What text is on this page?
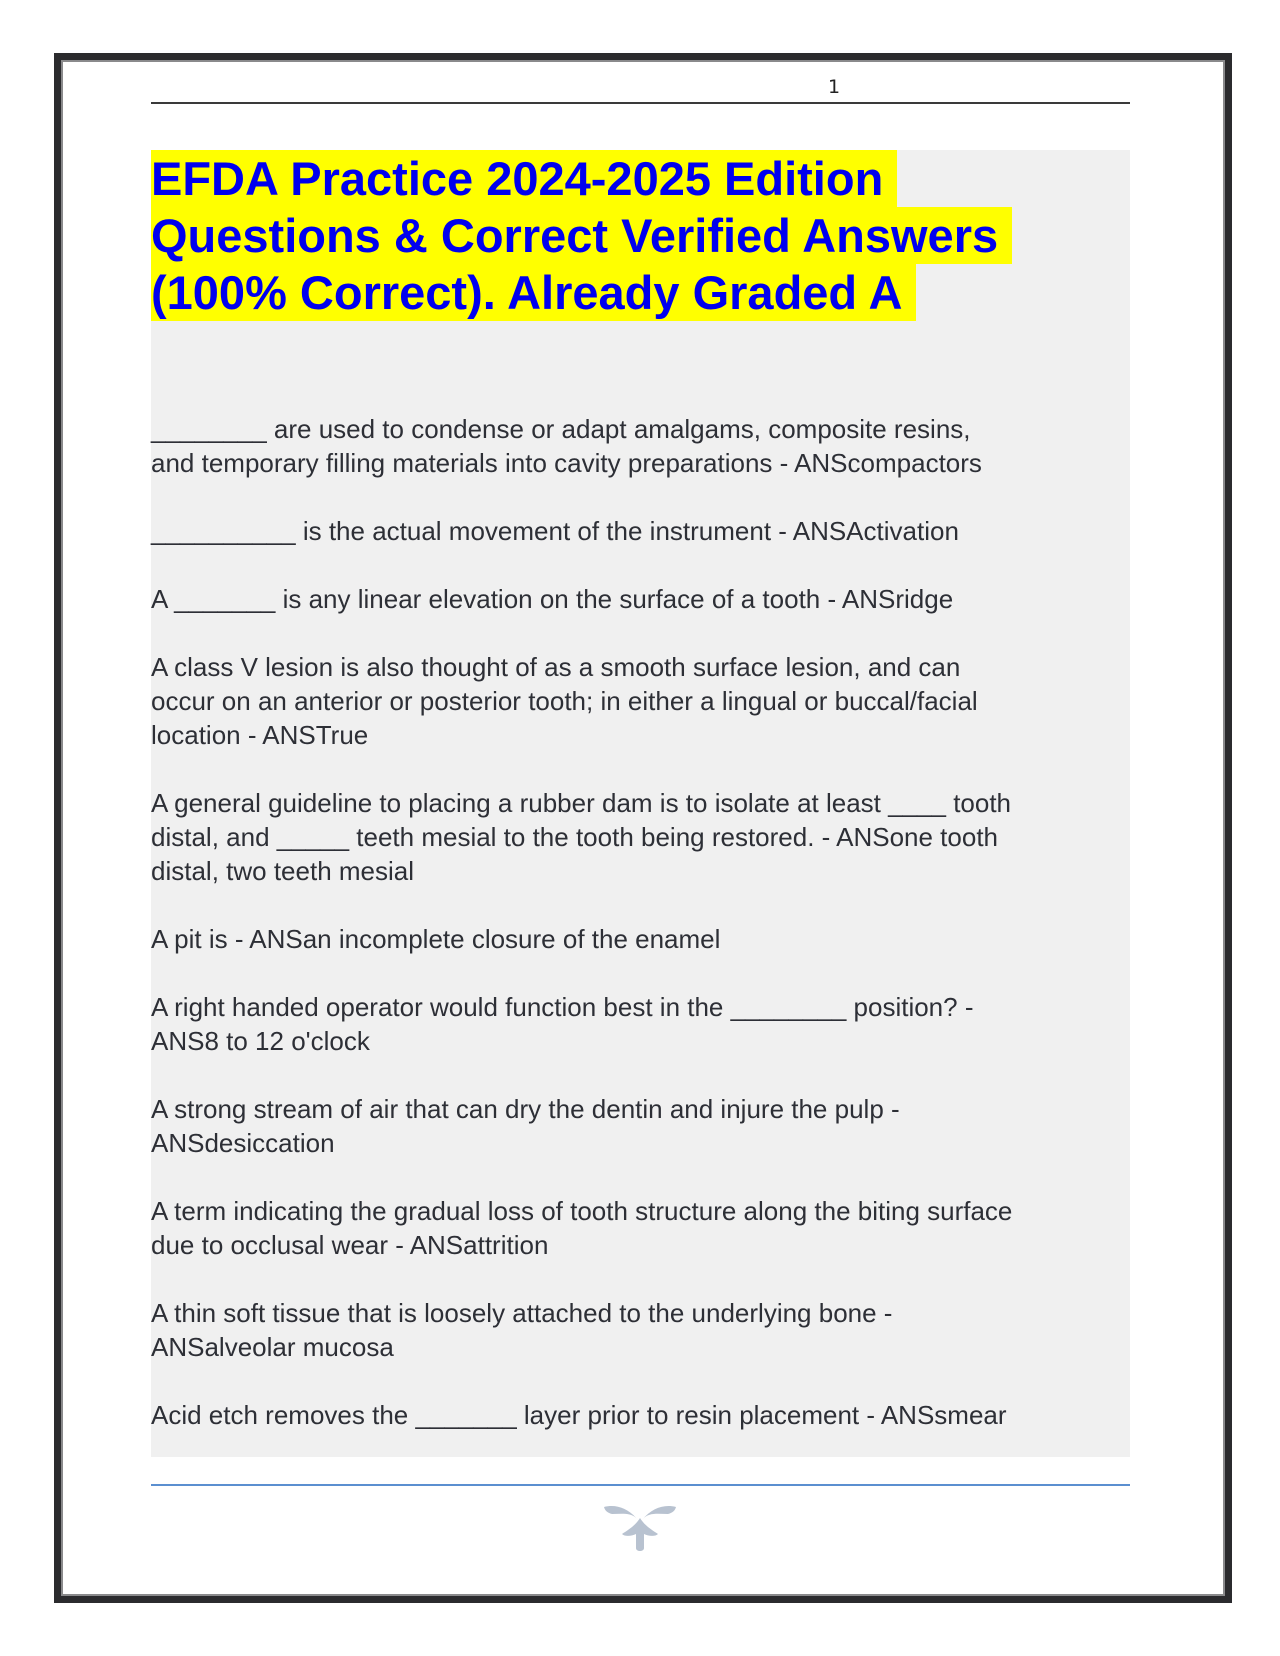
1
EFDA Practice 2024-2025 Edition
Questions & Correct Verified Answers
(100% Correct). Already Graded A
________ are used to condense or adapt amalgams, composite resins,
and temporary filling materials into cavity preparations - ANScompactors
__________ is the actual movement of the instrument - ANSActivation
A _______ is any linear elevation on the surface of a tooth - ANSridge
A class V lesion is also thought of as a smooth surface lesion, and can
occur on an anterior or posterior tooth; in either a lingual or buccal/facial
location - ANSTrue
A general guideline to placing a rubber dam is to isolate at least ____ tooth
distal, and _____ teeth mesial to the tooth being restored. - ANSone tooth
distal, two teeth mesial
A pit is - ANSan incomplete closure of the enamel
A right handed operator would function best in the ________ position? -
ANS8 to 12 o'clock
A strong stream of air that can dry the dentin and injure the pulp -
ANSdesiccation
A term indicating the gradual loss of tooth structure along the biting surface
due to occlusal wear - ANSattrition
A thin soft tissue that is loosely attached to the underlying bone -
ANSalveolar mucosa
Acid etch removes the _______ layer prior to resin placement - ANSsmear
